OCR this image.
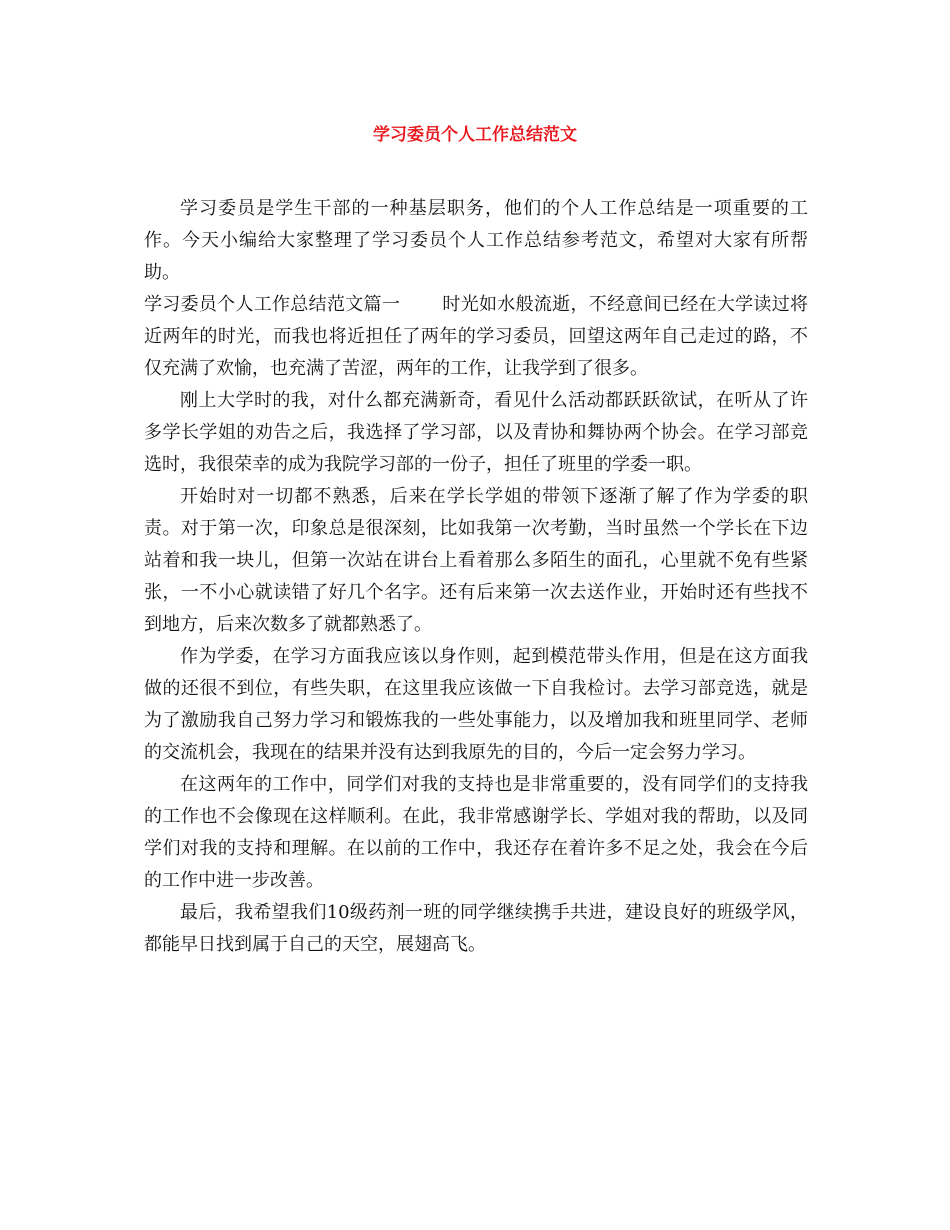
学习委员个人工作总结范文

学习委员是学生干部的一种基层职务，他们的个人工作总结是一项重要的工作。今天小编给大家整理了学习委员个人工作总结参考范文，希望对大家有所帮助。

学习委员个人工作总结范文篇一 时光如水般流逝，不经意间已经在大学读过将近两年的时光，而我也将近担任了两年的学习委员，回望这两年自己走过的路，不仅充满了欢愉，也充满了苦涩，两年的工作，让我学到了很多。

刚上大学时的我，对什么都充满新奇，看见什么活动都跃跃欲试，在听从了许多学长学姐的劝告之后，我选择了学习部，以及青协和舞协两个协会。在学习部竞选时，我很荣幸的成为我院学习部的一份子，担任了班里的学委一职。

开始时对一切都不熟悉，后来在学长学姐的带领下逐渐了解了作为学委的职责。对于第一次，印象总是很深刻，比如我第一次考勤，当时虽然一个学长在下边站着和我一块儿，但第一次站在讲台上看着那么多陌生的面孔，心里就不免有些紧张，一不小心就读错了好几个名字。还有后来第一次去送作业，开始时还有些找不到地方，后来次数多了就都熟悉了。

作为学委，在学习方面我应该以身作则，起到模范带头作用，但是在这方面我做的还很不到位，有些失职，在这里我应该做一下自我检讨。去学习部竞选，就是为了激励我自己努力学习和锻炼我的一些处事能力，以及增加我和班里同学、老师的交流机会，我现在的结果并没有达到我原先的目的，今后一定会努力学习。

在这两年的工作中，同学们对我的支持也是非常重要的，没有同学们的支持我的工作也不会像现在这样顺利。在此，我非常感谢学长、学姐对我的帮助，以及同学们对我的支持和理解。在以前的工作中，我还存在着许多不足之处，我会在今后的工作中进一步改善。

最后，我希望我们10级药剂一班的同学继续携手共进，建设良好的班级学风，都能早日找到属于自己的天空，展翅高飞。
